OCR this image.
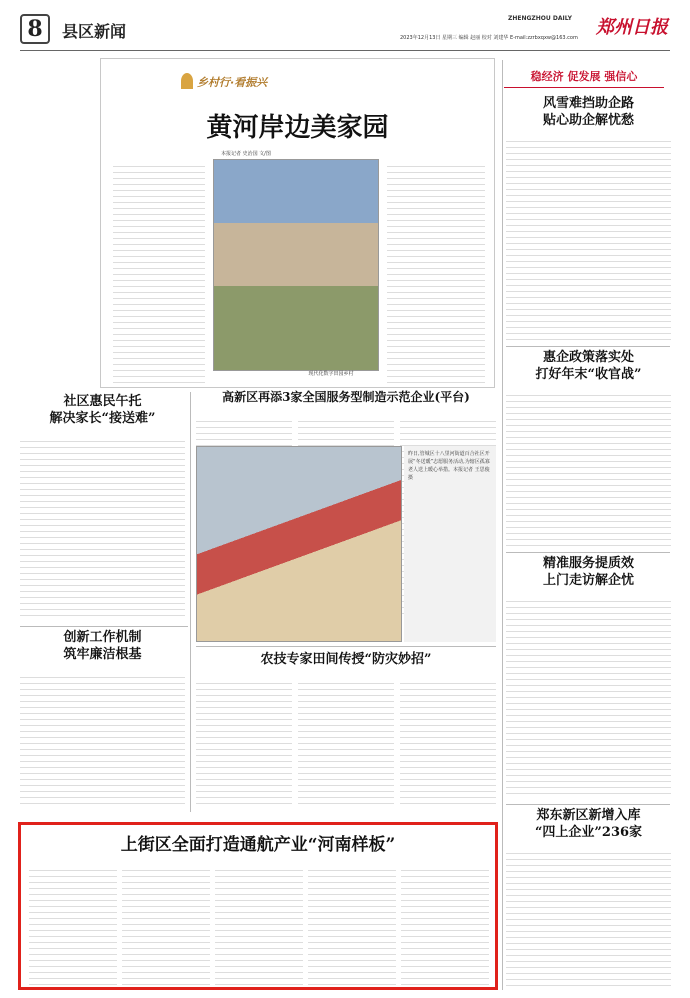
8	县区新闻
ZHENGZHOU DAILY
2023年12月13日 星期三 编辑 赵丽 校对 刘建华 E-mail:zzrbxqxw@163.com 郑州日报
稳经济 促发展 强信心
乡村行·看振兴
黄河岸边美家园
本报记者 史治国 文/图
现代化数字田园乡村
风雪难挡助企路
贴心助企解忧愁
惠企政策落实处
打好年末“收官战”
精准服务提质效
上门走访解企忧
郑东新区新增入库
“四上企业”236家
社区惠民午托
解决家长“接送难”
高新区再添3家全国服务型制造示范企业(平台)
昨日,管城区十八里河街道百合社区开展“冬送暖”志愿服务活动,为辖区孤寡老人送上暖心举措。本报记者 王思俊 摄
创新工作机制
筑牢廉洁根基	农技专家田间传授“防灾妙招”
上街区全面打造通航产业“河南样板”
